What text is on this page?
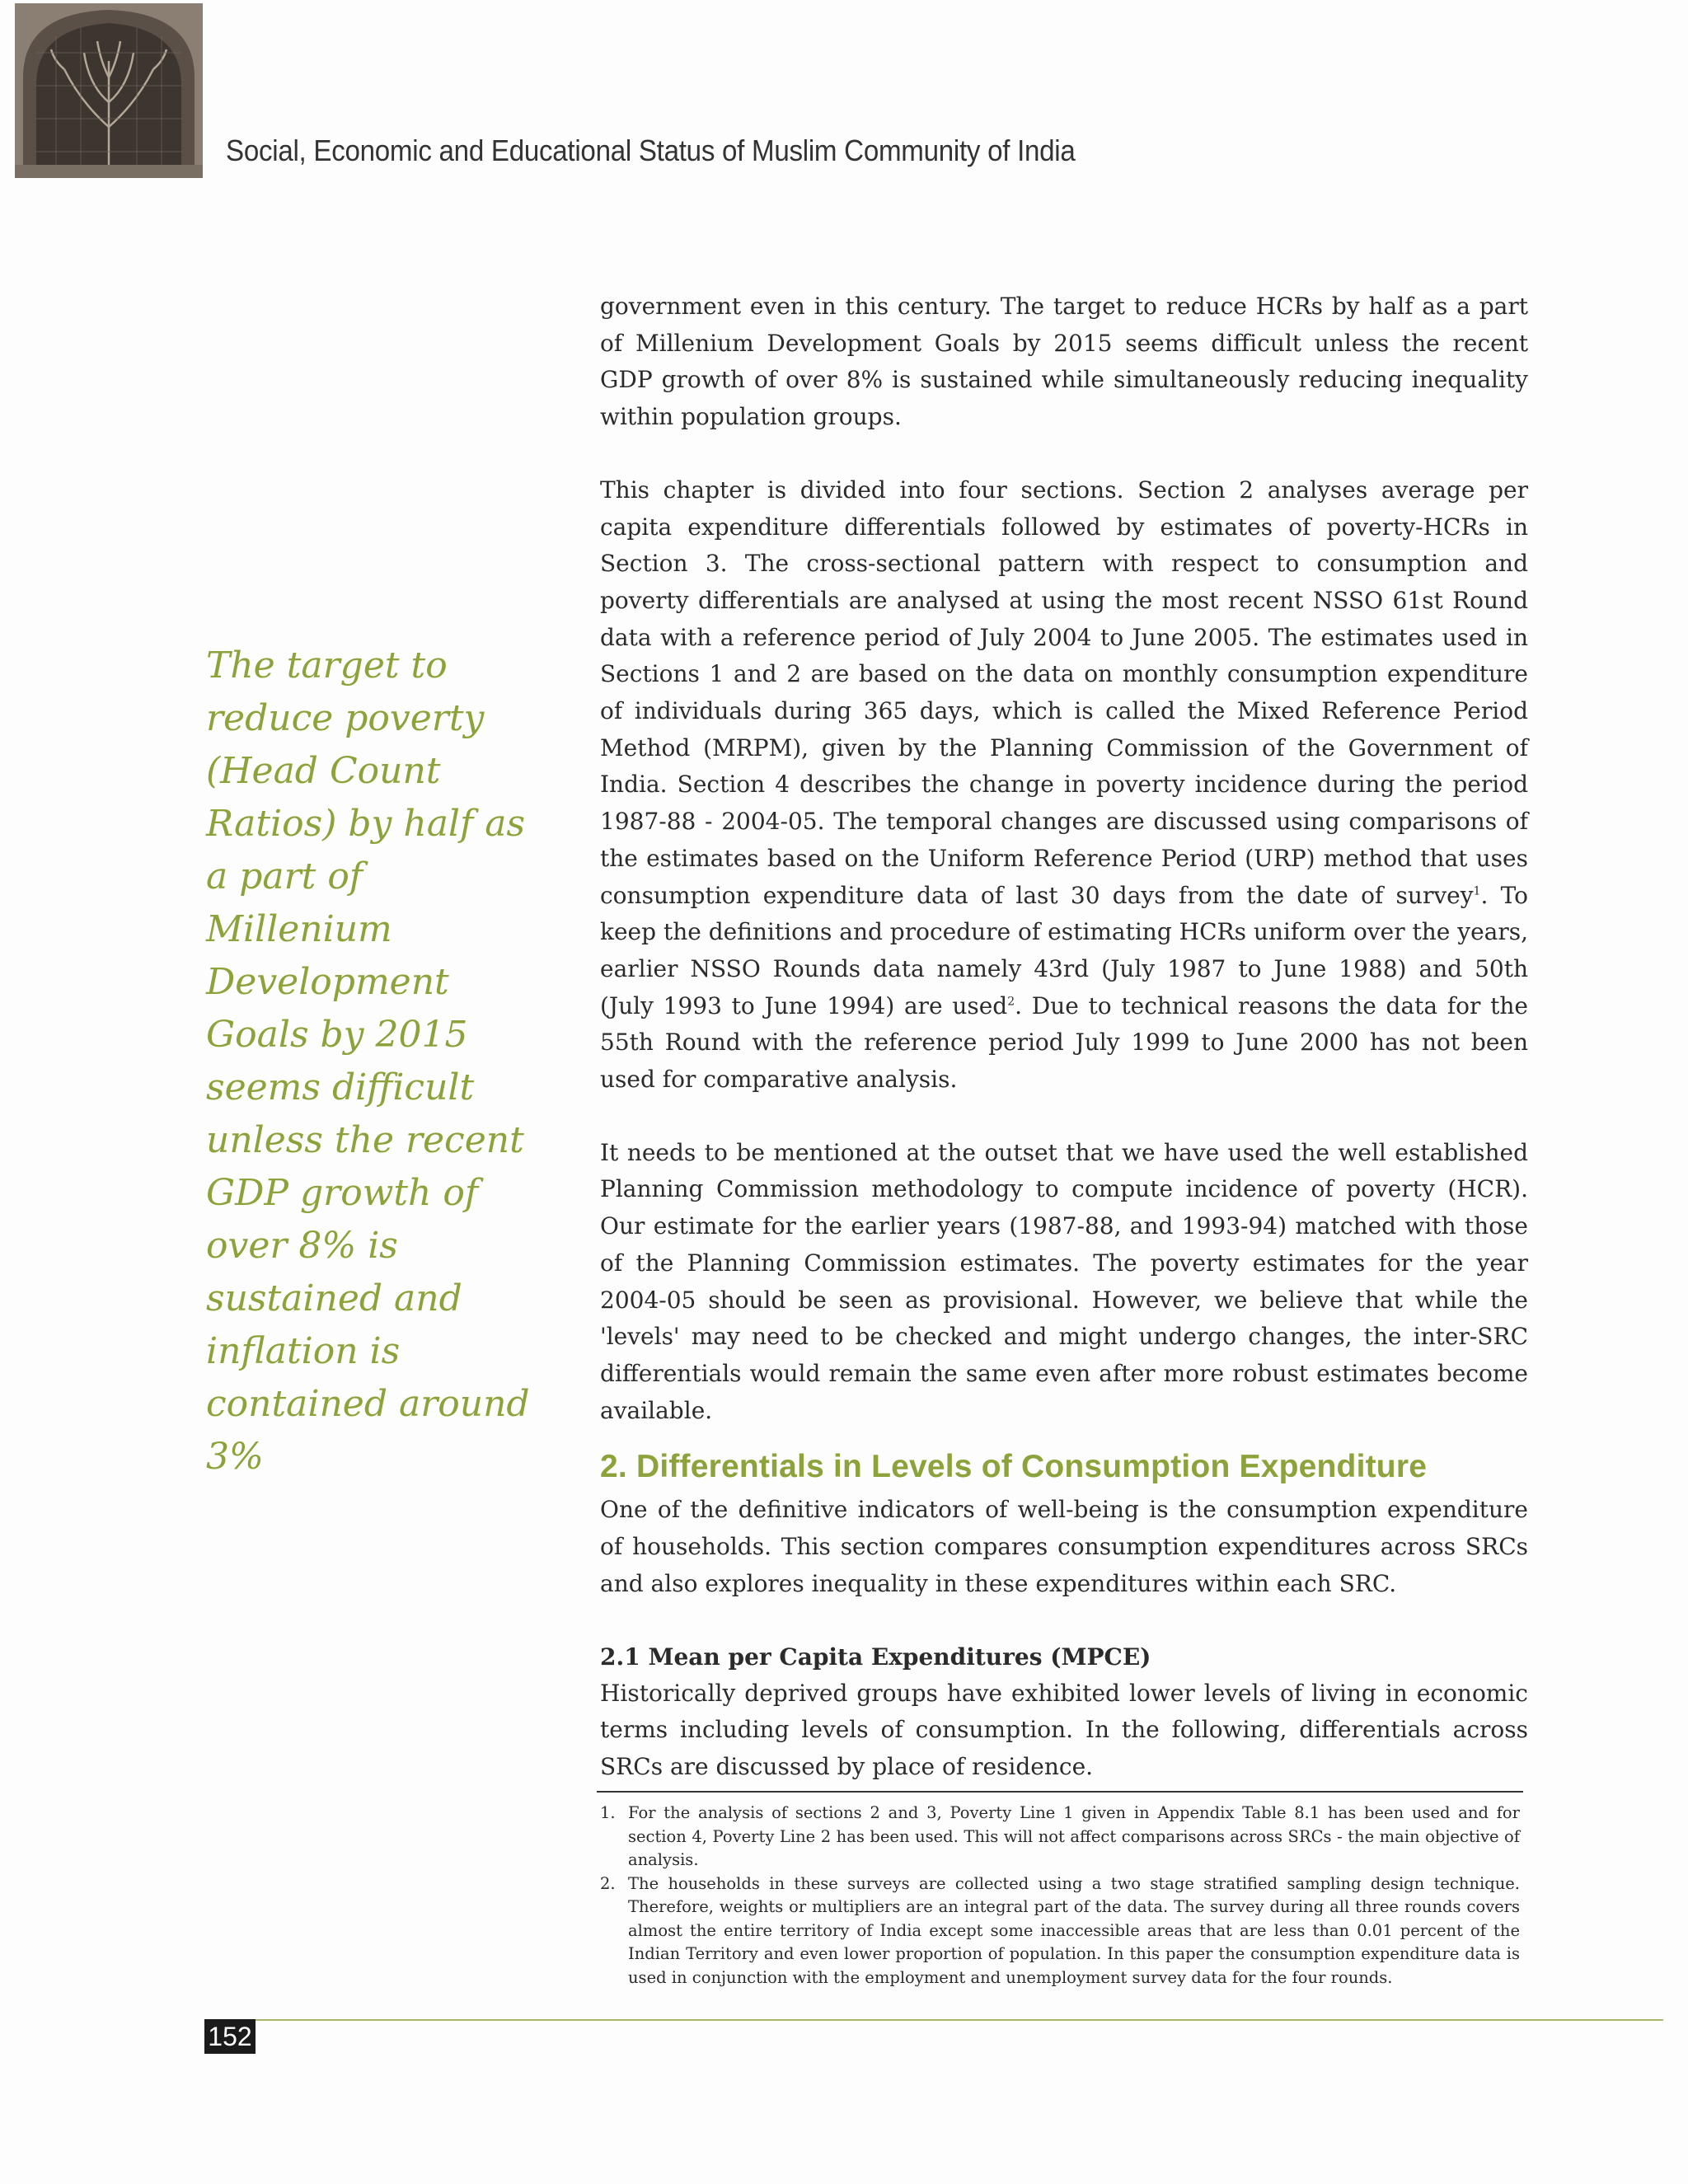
Social, Economic and Educational Status of Muslim Community of India
The target to reduce poverty (Head Count Ratios) by half as a part of Millenium Development Goals by 2015 seems difficult unless the recent GDP growth of over 8% is sustained and inflation is contained around 3%

government even in this century. The target to reduce HCRs by half as a part of Millenium Development Goals by 2015 seems difficult unless the recent GDP growth of over 8% is sustained while simultaneously reducing inequality within population groups.

This chapter is divided into four sections. Section 2 analyses average per capita expenditure differentials followed by estimates of poverty-HCRs in Section 3. The cross-sectional pattern with respect to consumption and poverty differentials are analysed at using the most recent NSSO 61st Round data with a reference period of July 2004 to June 2005. The estimates used in Sections 1 and 2 are based on the data on monthly consumption expenditure of individuals during 365 days, which is called the Mixed Reference Period Method (MRPM), given by the Planning Commission of the Government of India. Section 4 describes the change in poverty incidence during the period 1987-88 - 2004-05. The temporal changes are discussed using comparisons of the estimates based on the Uniform Reference Period (URP) method that uses consumption expenditure data of last 30 days from the date of survey$^1$. To keep the definitions and procedure of estimating HCRs uniform over the years, earlier NSSO Rounds data namely 43rd (July 1987 to June 1988) and 50th (July 1993 to June 1994) are used$^2$. Due to technical reasons the data for the 55th Round with the reference period July 1999 to June 2000 has not been used for comparative analysis.

It needs to be mentioned at the outset that we have used the well established Planning Commission methodology to compute incidence of poverty (HCR). Our estimate for the earlier years (1987-88, and 1993-94) matched with those of the Planning Commission estimates. The poverty estimates for the year 2004-05 should be seen as provisional. However, we believe that while the 'levels' may need to be checked and might undergo changes, the inter-SRC differentials would remain the same even after more robust estimates become available.

2. Differentials in Levels of Consumption Expenditure

One of the definitive indicators of well-being is the consumption expenditure of households. This section compares consumption expenditures across SRCs and also explores inequality in these expenditures within each SRC.

2.1 Mean per Capita Expenditures (MPCE)

Historically deprived groups have exhibited lower levels of living in economic terms including levels of consumption. In the following, differentials across SRCs are discussed by place of residence.

1. For the analysis of sections 2 and 3, Poverty Line 1 given in Appendix Table 8.1 has been used and for section 4, Poverty Line 2 has been used. This will not affect comparisons across SRCs - the main objective of analysis.
2. The households in these surveys are collected using a two stage stratified sampling design technique. Therefore, weights or multipliers are an integral part of the data. The survey during all three rounds covers almost the entire territory of India except some inaccessible areas that are less than 0.01 percent of the Indian Territory and even lower proportion of population. In this paper the consumption expenditure data is used in conjunction with the employment and unemployment survey data for the four rounds.
152
